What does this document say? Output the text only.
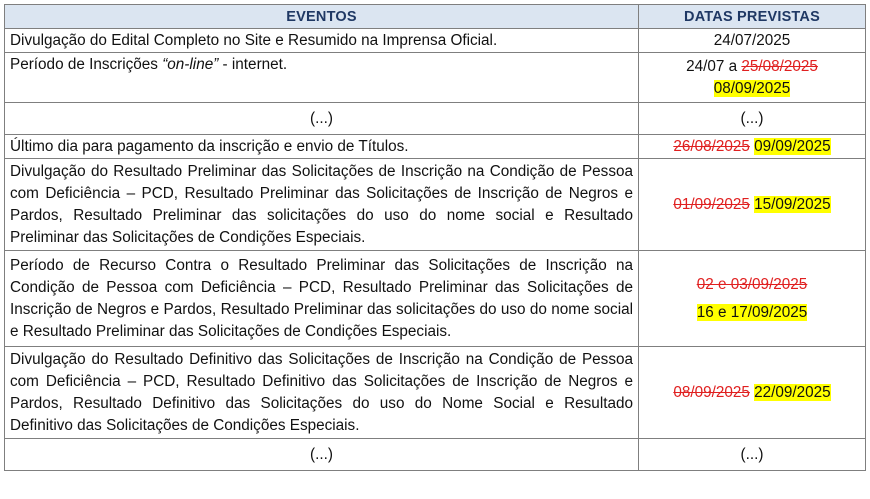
EVENTOS	DATAS PREVISTAS
Divulgação do Edital Completo no Site e Resumido na Imprensa Oficial.	24/07/2025
Período de Inscrições “on-line” - internet.	24/07 a 25/08/2025
08/09/2025

(...)	(...)
Último dia para pagamento da inscrição e envio de Títulos.	26/08/2025 09/09/2025
Divulgação do Resultado Preliminar das Solicitações de Inscrição na Condição de Pessoa com Deficiência – PCD, Resultado Preliminar das Solicitações de Inscrição de Negros e Pardos, Resultado Preliminar das solicitações do uso do nome social e Resultado Preliminar das Solicitações de Condições Especiais.	01/09/2025 15/09/2025
Período de Recurso Contra o Resultado Preliminar das Solicitações de Inscrição na Condição de Pessoa com Deficiência – PCD, Resultado Preliminar das Solicitações de Inscrição de Negros e Pardos, Resultado Preliminar das solicitações do uso do nome social e Resultado Preliminar das Solicitações de Condições Especiais.	02 e 03/09/2025
16 e 17/09/2025

Divulgação do Resultado Definitivo das Solicitações de Inscrição na Condição de Pessoa com Deficiência – PCD, Resultado Definitivo das Solicitações de Inscrição de Negros e Pardos, Resultado Definitivo das Solicitações do uso do Nome Social e Resultado Definitivo das Solicitações de Condições Especiais.	08/09/2025 22/09/2025
(...)	(...)
